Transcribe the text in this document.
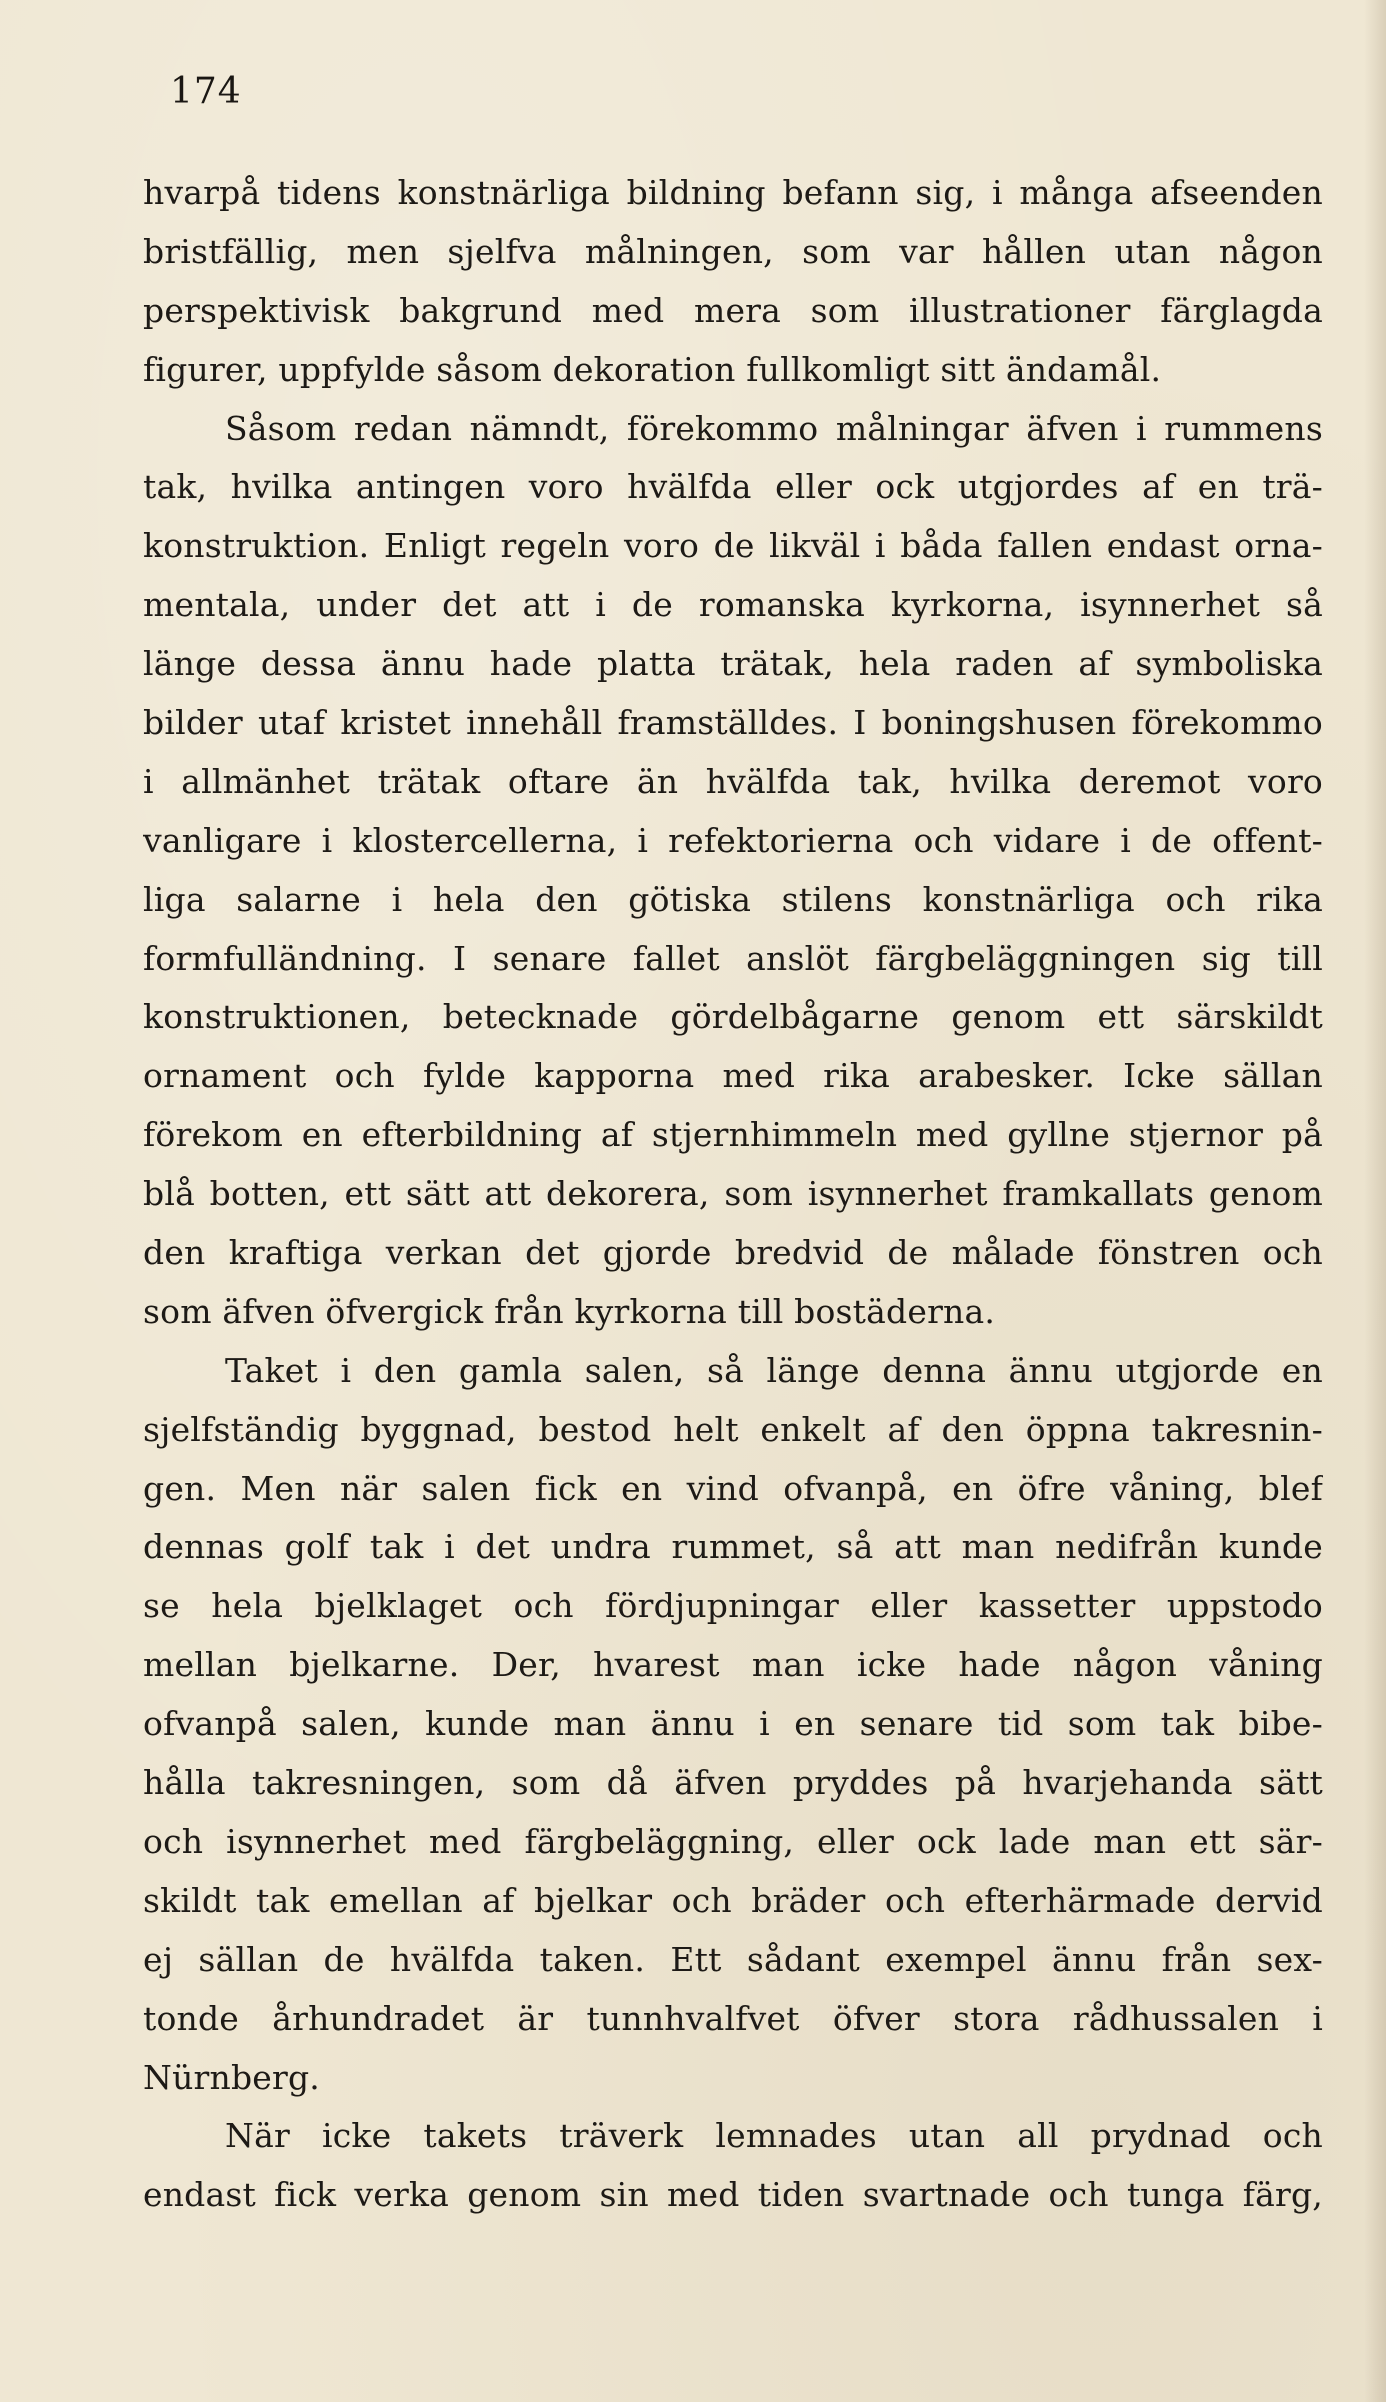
174
hvarpå tidens konstnärliga bildning befann sig, i många afseenden
bristfällig, men sjelfva målningen, som var hållen utan någon
perspektivisk bakgrund med mera som illustrationer färglagda
figurer, uppfylde såsom dekoration fullkomligt sitt ändamål.
Såsom redan nämndt, förekommo målningar äfven i rummens
tak, hvilka antingen voro hvälfda eller ock utgjordes af en trä-
konstruktion. Enligt regeln voro de likväl i båda fallen endast orna-
mentala, under det att i de romanska kyrkorna, isynnerhet så
länge dessa ännu hade platta trätak, hela raden af symboliska
bilder utaf kristet innehåll framställdes. I boningshusen förekommo
i allmänhet trätak oftare än hvälfda tak, hvilka deremot voro
vanligare i klostercellerna, i refektorierna och vidare i de offent-
liga salarne i hela den götiska stilens konstnärliga och rika
formfulländning. I senare fallet anslöt färgbeläggningen sig till
konstruktionen, betecknade gördelbågarne genom ett särskildt
ornament och fylde kapporna med rika arabesker. Icke sällan
förekom en efterbildning af stjernhimmeln med gyllne stjernor på
blå botten, ett sätt att dekorera, som isynnerhet framkallats genom
den kraftiga verkan det gjorde bredvid de målade fönstren och
som äfven öfvergick från kyrkorna till bostäderna.
Taket i den gamla salen, så länge denna ännu utgjorde en
sjelfständig byggnad, bestod helt enkelt af den öppna takresnin-
gen. Men när salen fick en vind ofvanpå, en öfre våning, blef
dennas golf tak i det undra rummet, så att man nedifrån kunde
se hela bjelklaget och fördjupningar eller kassetter uppstodo
mellan bjelkarne. Der, hvarest man icke hade någon våning
ofvanpå salen, kunde man ännu i en senare tid som tak bibe-
hålla takresningen, som då äfven pryddes på hvarjehanda sätt
och isynnerhet med färgbeläggning, eller ock lade man ett sär-
skildt tak emellan af bjelkar och bräder och efterhärmade dervid
ej sällan de hvälfda taken. Ett sådant exempel ännu från sex-
tonde århundradet är tunnhvalfvet öfver stora rådhussalen i
Nürnberg.
När icke takets träverk lemnades utan all prydnad och
endast fick verka genom sin med tiden svartnade och tunga färg,
